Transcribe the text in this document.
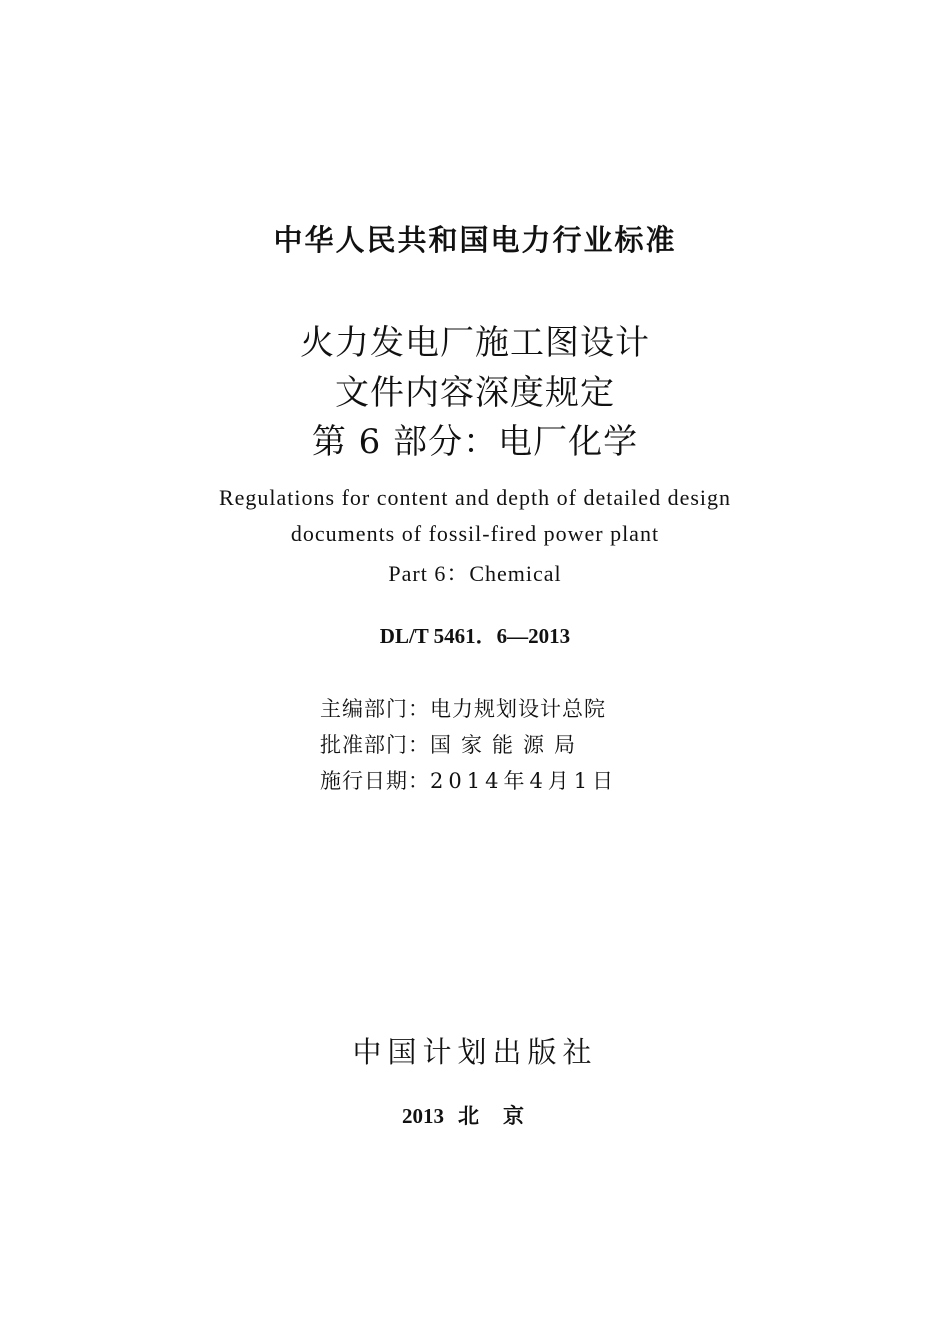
中华人民共和国电力行业标准
火力发电厂施工图设计
文件内容深度规定
第 6 部分：电厂化学
Regulations for content and depth of detailed design
documents of fossil-fired power plant
Part 6：Chemical
DL/T 5461．6—2013
主编部门：电力规划设计总院
批准部门：国家能源局
施行日期：2014年4月1日
中国计划出版社
2013 北京
